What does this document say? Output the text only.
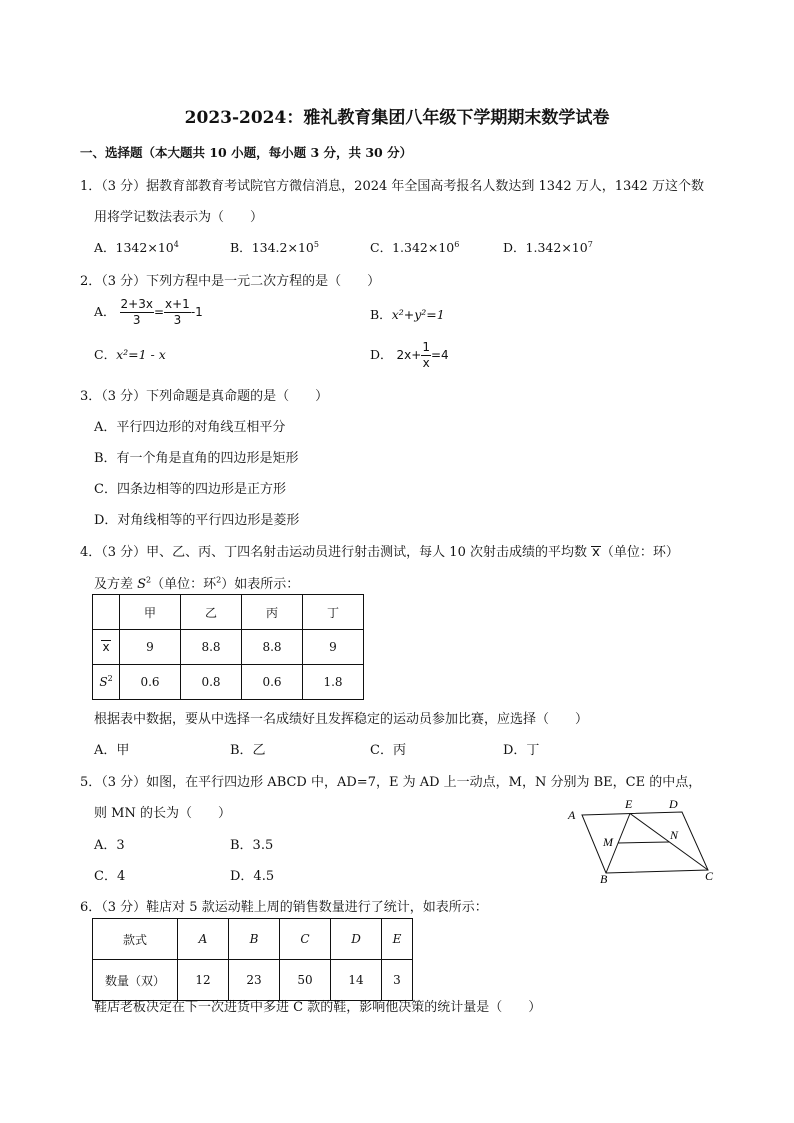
2023-2024：雅礼教育集团八年级下学期期末数学试卷
一、选择题（本大题共 10 小题，每小题 3 分，共 30 分）
1．（3 分）据教育部教育考试院官方微信消息，2024 年全国高考报名人数达到 1342 万人，1342 万这个数
用将学记数法表示为（　　）
A．$1342\times 10^4$	B．$134.2\times 10^5$	C．$1.342\times 10^6$	D．$1.342\times 10^7$
2．（3 分）下列方程中是一元二次方程的是（　　）
A． $\frac{2+3x}{3} = \frac{x+1}{3} -1$	B．x²+y²=1
C．x²=1 - x	D． $2x+ \frac{1}{x} =4$
3．（3 分）下列命题是真命题的是（　　）
A．平行四边形的对角线互相平分
B．有一个角是直角的四边形是矩形
C．四条边相等的四边形是正方形
D．对角线相等的平行四边形是菱形
4．（3 分）甲、乙、丙、丁四名射击运动员进行射击测试，每人 10 次射击成绩的平均数 x（单位：环）
及方差 $S^2$（单位：环$^2$）如表所示：
	甲	乙	丙	丁
x	9	8.8	8.8	9
$S^2$	0.6	0.8	0.6	1.8
根据表中数据，要从中选择一名成绩好且发挥稳定的运动员参加比赛，应选择（　　）
A．甲	B．乙	C．丙	D．丁
5．（3 分）如图，在平行四边形 ABCD 中，AD=7，E 为 AD 上一动点，M，N 分别为 BE，CE 的中点，
则 MN 的长为（　　）
A．3	B．3.5
C．4	D．4.5
A
E	D
M	N
B	C
6．（3 分）鞋店对 5 款运动鞋上周的销售数量进行了统计，如表所示：
款式	A	B	C	D	E
数量（双）	12	23	50	14	3
鞋店老板决定在下一次进货中多进 C 款的鞋，影响他决策的统计量是（　　）
